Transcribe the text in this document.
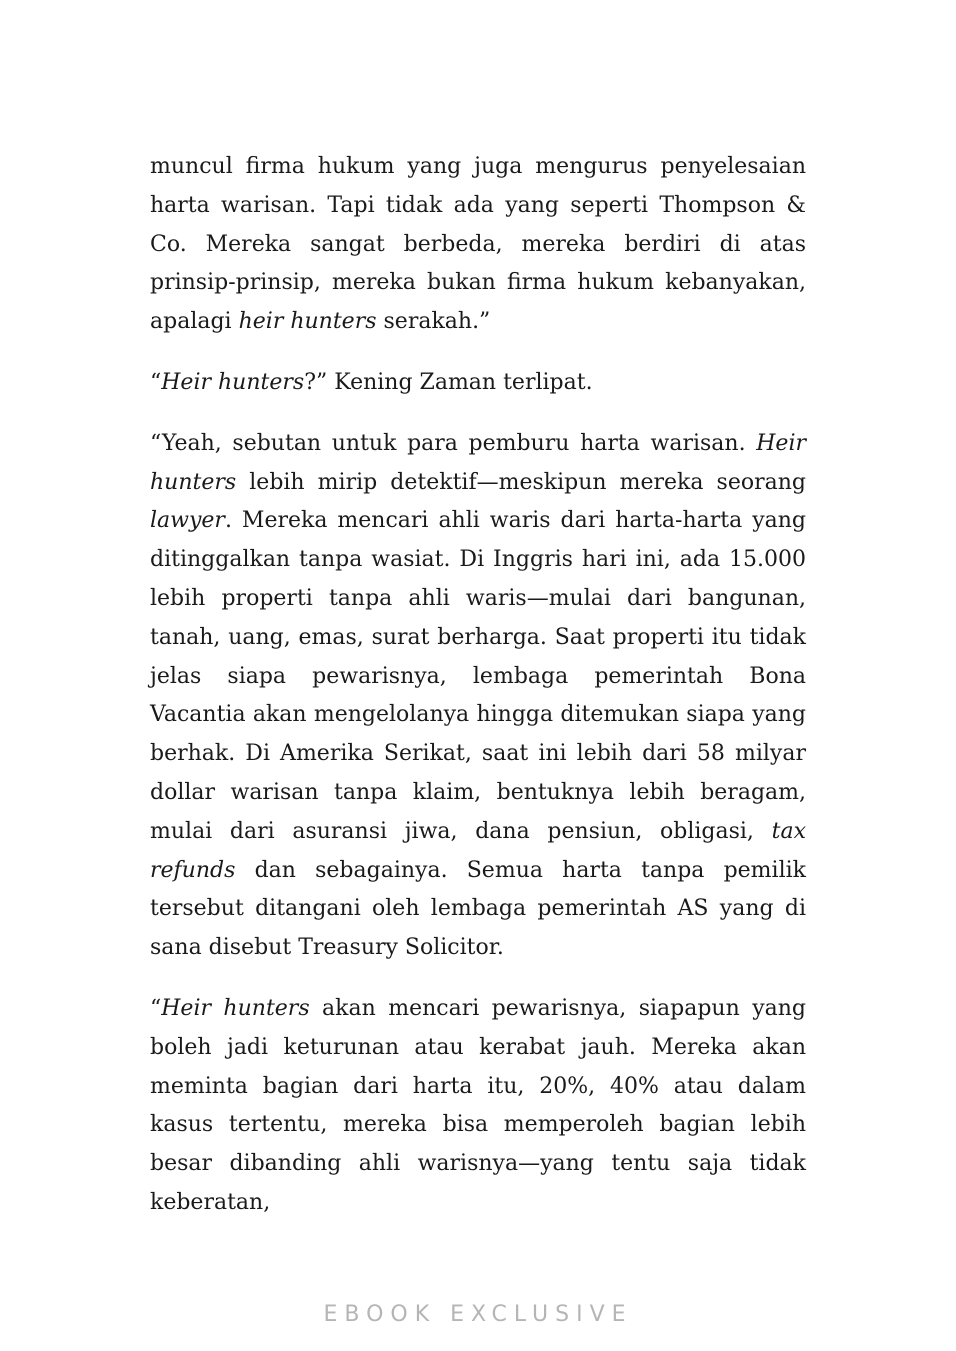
muncul firma hukum yang juga mengurus penyelesaian harta warisan. Tapi tidak ada yang seperti Thompson & Co. Mereka sangat berbeda, mereka berdiri di atas prinsip-prinsip, mereka bukan firma hukum kebanyakan, apalagi heir hunters serakah.”

“Heir hunters?” Kening Zaman terlipat.

“Yeah, sebutan untuk para pemburu harta warisan. Heir hunters lebih mirip detektif—meskipun mereka seorang lawyer. Mereka mencari ahli waris dari harta-harta yang ditinggalkan tanpa wasiat. Di Inggris hari ini, ada 15.000 lebih properti tanpa ahli waris—mulai dari bangunan, tanah, uang, emas, surat berharga. Saat properti itu tidak jelas siapa pewarisnya, lembaga pemerintah Bona Vacantia akan mengelolanya hingga ditemukan siapa yang berhak. Di Amerika Serikat, saat ini lebih dari 58 milyar dollar warisan tanpa klaim, bentuknya lebih beragam, mulai dari asuransi jiwa, dana pensiun, obligasi, tax refunds dan sebagainya. Semua harta tanpa pemilik tersebut ditangani oleh lembaga pemerintah AS yang di sana disebut Treasury Solicitor.

“Heir hunters akan mencari pewarisnya, siapapun yang boleh jadi keturunan atau kerabat jauh. Mereka akan meminta bagian dari harta itu, 20%, 40% atau dalam kasus tertentu, mereka bisa memperoleh bagian lebih besar dibanding ahli warisnya—yang tentu saja tidak keberatan,

EBOOK EXCLUSIVE
